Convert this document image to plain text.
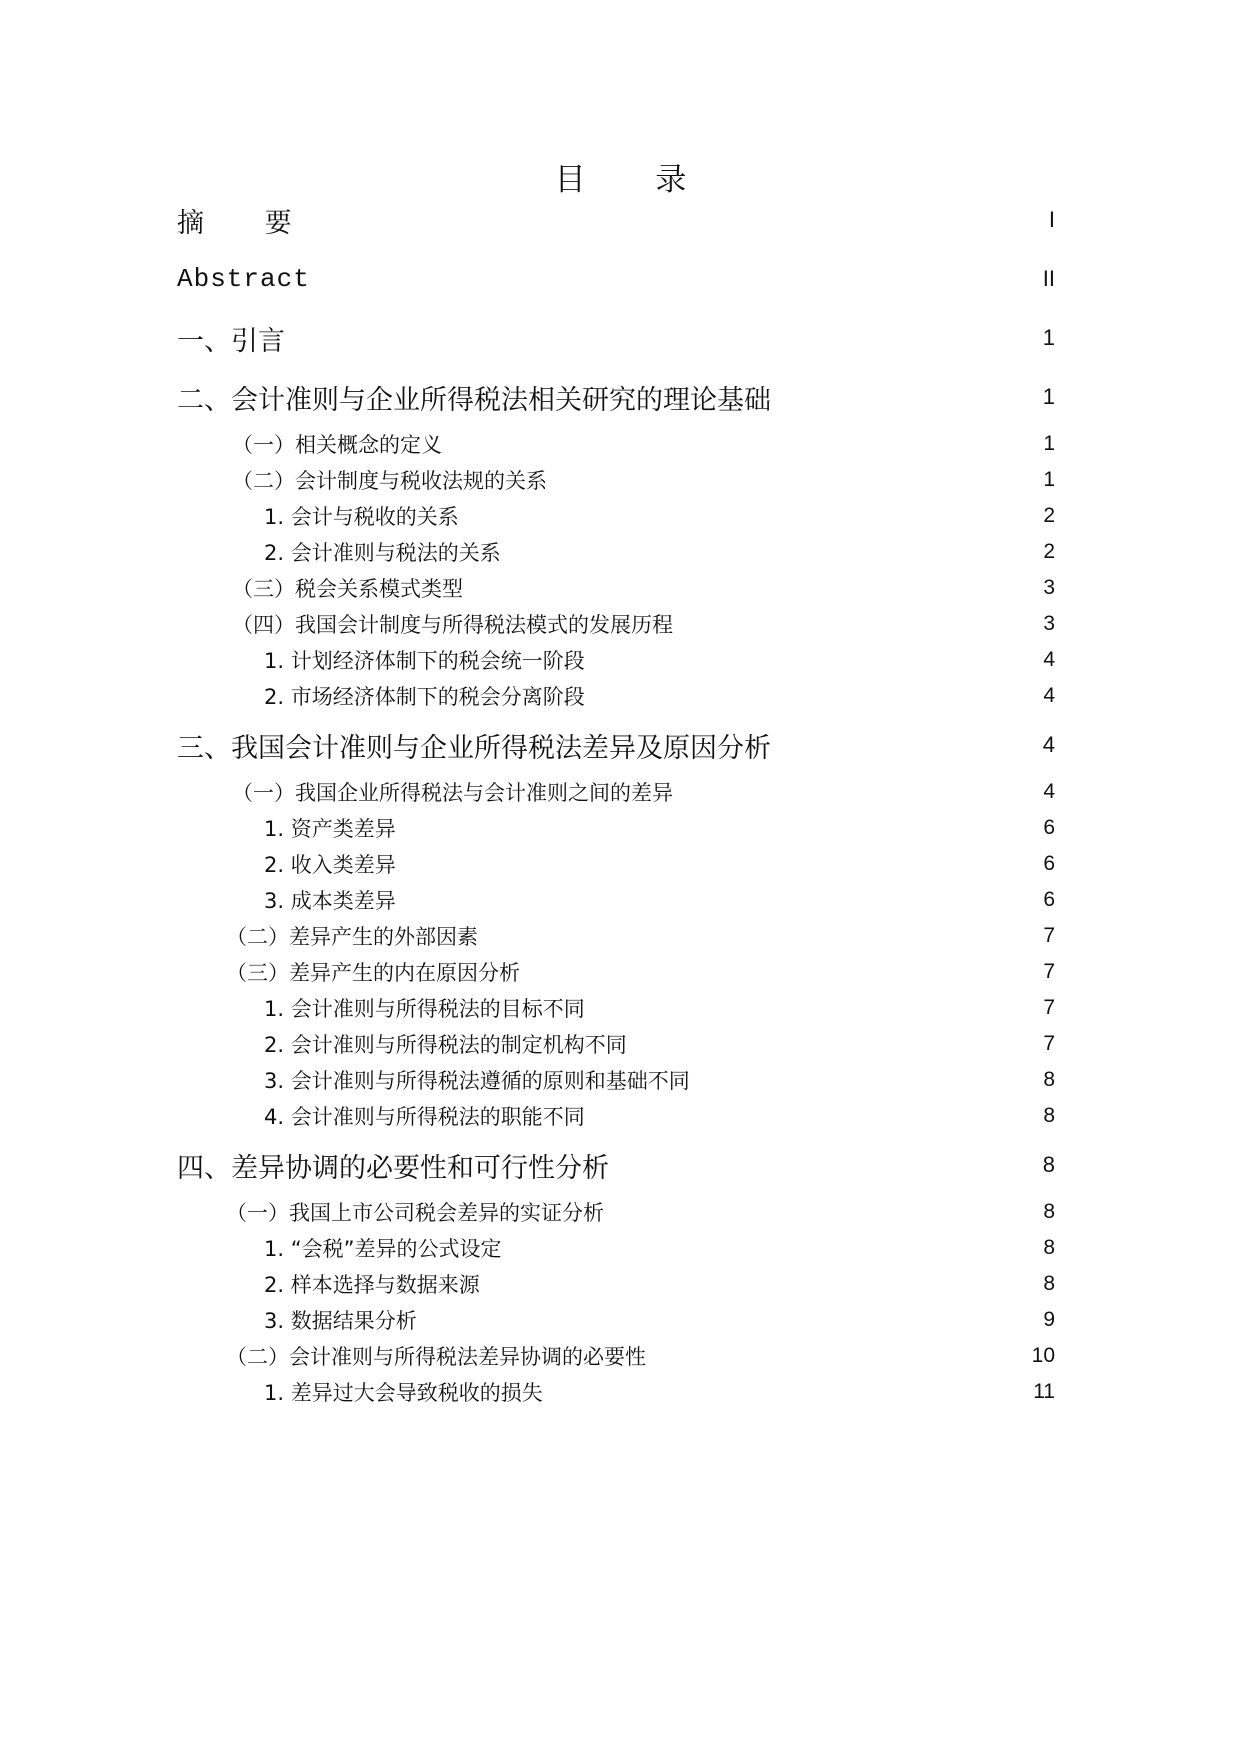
目 录
摘 要	I
Abstract	II
一、引言	1
二、会计准则与企业所得税法相关研究的理论基础	1
（一）相关概念的定义	1
（二）会计制度与税收法规的关系	1
1. 会计与税收的关系	2
2. 会计准则与税法的关系	2
（三）税会关系模式类型	3
（四）我国会计制度与所得税法模式的发展历程	3
1. 计划经济体制下的税会统一阶段	4
2. 市场经济体制下的税会分离阶段	4
三、我国会计准则与企业所得税法差异及原因分析	4
（一）我国企业所得税法与会计准则之间的差异	4
1. 资产类差异	6
2. 收入类差异	6
3. 成本类差异	6
（二）差异产生的外部因素	7
（三）差异产生的内在原因分析	7
1. 会计准则与所得税法的目标不同	7
2. 会计准则与所得税法的制定机构不同	7
3. 会计准则与所得税法遵循的原则和基础不同	8
4. 会计准则与所得税法的职能不同	8
四、差异协调的必要性和可行性分析	8
（一）我国上市公司税会差异的实证分析	8
1. “会税”差异的公式设定	8
2. 样本选择与数据来源	8
3. 数据结果分析	9
（二）会计准则与所得税法差异协调的必要性	10
1. 差异过大会导致税收的损失	11
